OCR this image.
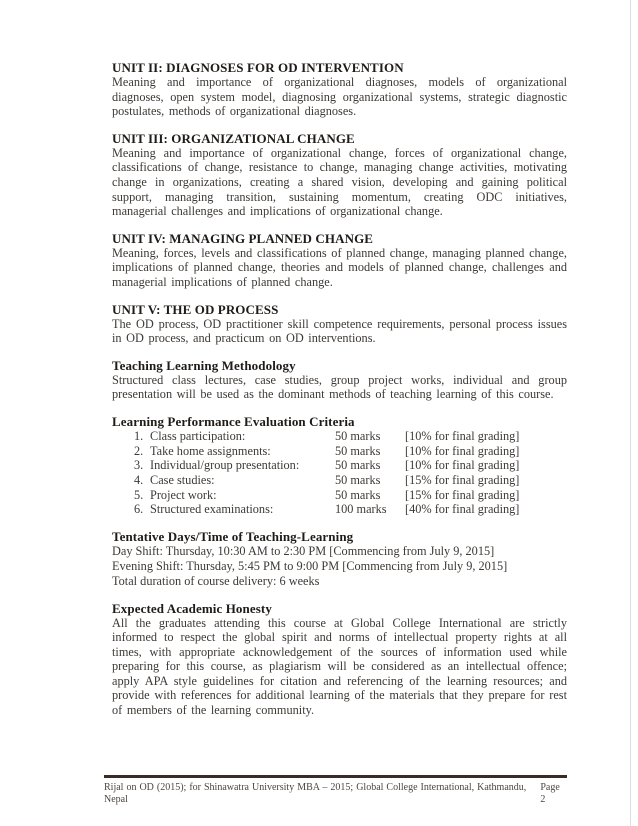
UNIT II: DIAGNOSES FOR OD INTERVENTION

Meaning and importance of organizational diagnoses, models of organizational diagnoses, open system model, diagnosing organizational systems, strategic diagnostic postulates, methods of organizational diagnoses.

UNIT III: ORGANIZATIONAL CHANGE

Meaning and importance of organizational change, forces of organizational change, classifications of change, resistance to change, managing change activities, motivating change in organizations, creating a shared vision, developing and gaining political support, managing transition, sustaining momentum, creating ODC initiatives, managerial challenges and implications of organizational change.

UNIT IV: MANAGING PLANNED CHANGE

Meaning, forces, levels and classifications of planned change, managing planned change, implications of planned change, theories and models of planned change, challenges and managerial implications of planned change.

UNIT V: THE OD PROCESS

The OD process, OD practitioner skill competence requirements, personal process issues in OD process, and practicum on OD interventions.

Teaching Learning Methodology

Structured class lectures, case studies, group project works, individual and group presentation will be used as the dominant methods of teaching learning of this course.

Learning Performance Evaluation Criteria
1. Class participation:	50 marks	[10% for final grading]
2. Take home assignments:	50 marks	[10% for final grading]
3. Individual/group presentation:	50 marks	[10% for final grading]
4. Case studies:	50 marks	[15% for final grading]
5. Project work:	50 marks	[15% for final grading]
6. Structured examinations:	100 marks	[40% for final grading]
Tentative Days/Time of Teaching-Learning
Day Shift: Thursday, 10:30 AM to 2:30 PM [Commencing from July 9, 2015]
Evening Shift: Thursday, 5:45 PM to 9:00 PM [Commencing from July 9, 2015]
Total duration of course delivery: 6 weeks
Expected Academic Honesty

All the graduates attending this course at Global College International are strictly informed to respect the global spirit and norms of intellectual property rights at all times, with appropriate acknowledgement of the sources of information used while preparing for this course, as plagiarism will be considered as an intellectual offence; apply APA style guidelines for citation and referencing of the learning resources; and provide with references for additional learning of the materials that they prepare for rest of members of the learning community.

Rijal on OD (2015); for Shinawatra University MBA – 2015; Global College International, Kathmandu, Nepal
Page 2
